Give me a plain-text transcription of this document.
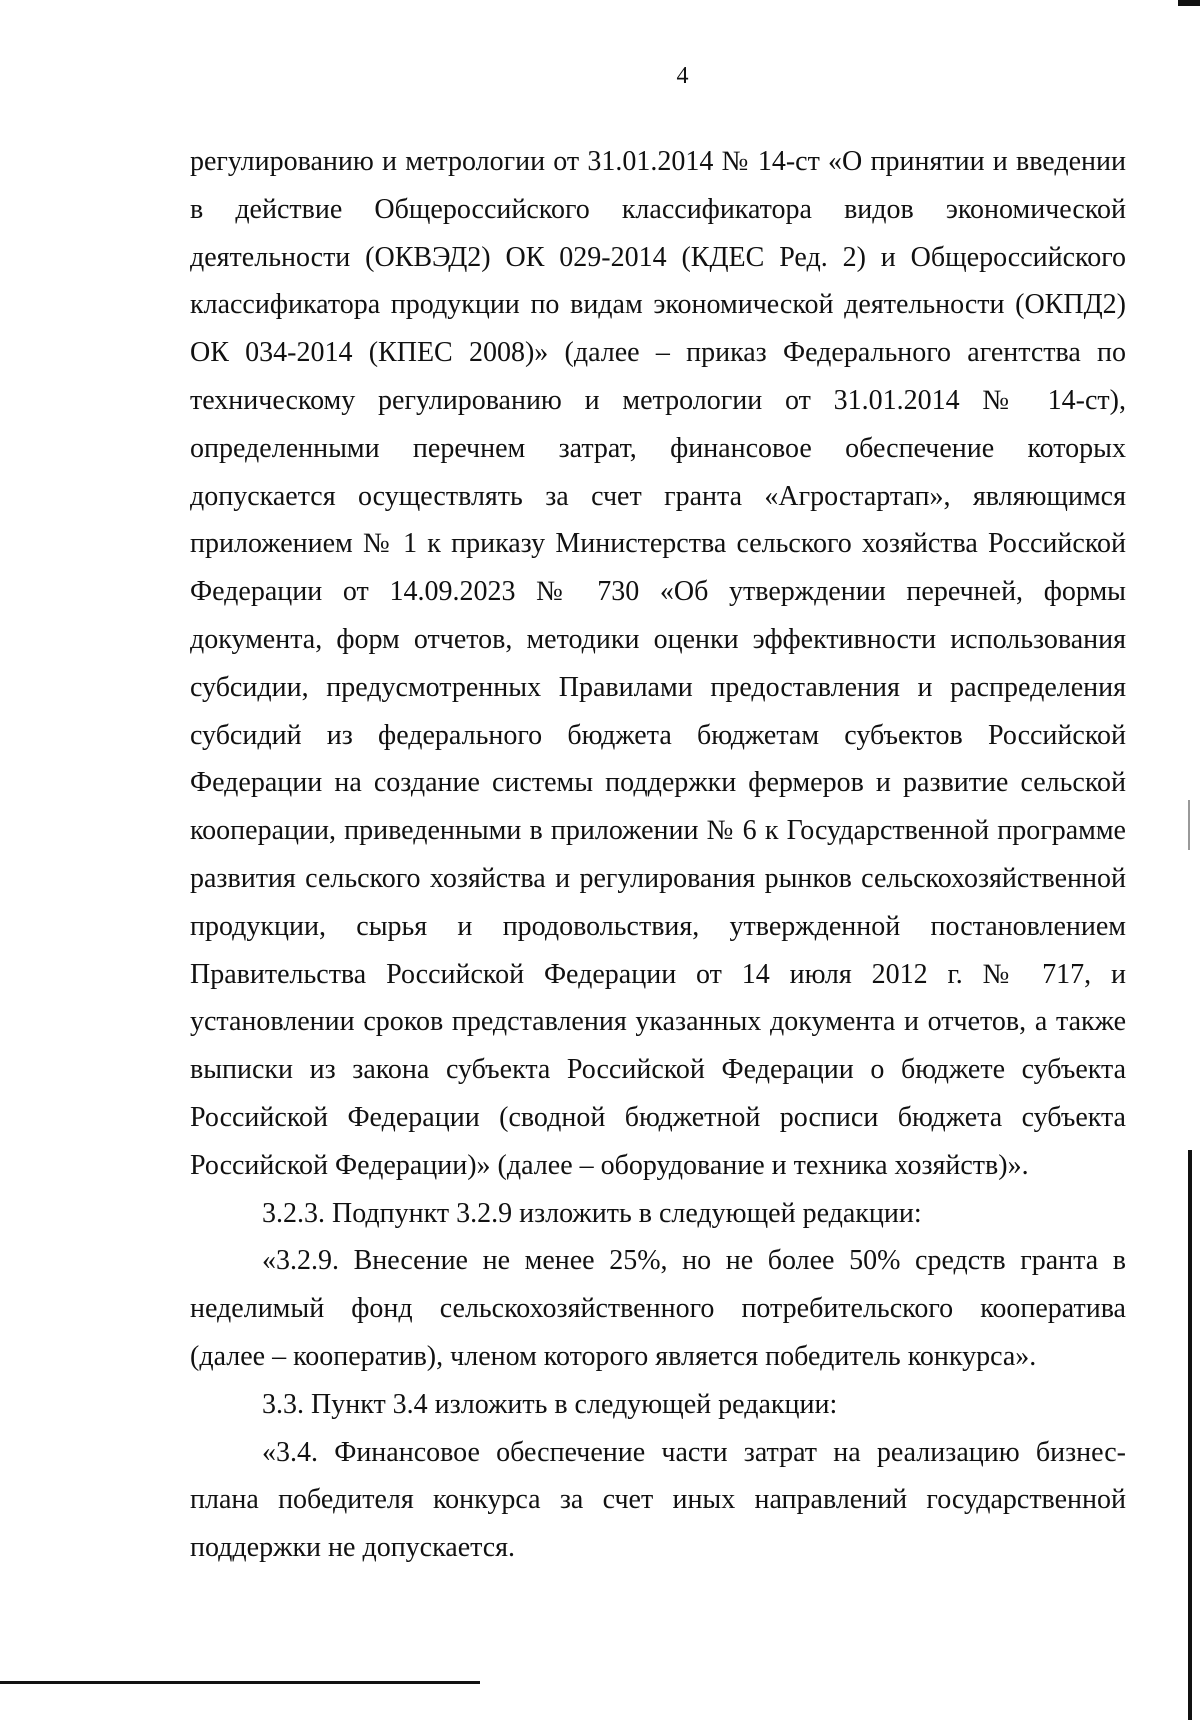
4
регулированию и метрологии от 31.01.2014 № 14-ст «О принятии и введении
в действие Общероссийского классификатора видов экономической
деятельности (ОКВЭД2) ОК 029-2014 (КДЕС Ред. 2) и Общероссийского
классификатора продукции по видам экономической деятельности (ОКПД2)
ОК 034-2014 (КПЕС 2008)» (далее – приказ Федерального агентства по
техническому регулированию и метрологии от 31.01.2014 № 14-ст),
определенными перечнем затрат, финансовое обеспечение которых
допускается осуществлять за счет гранта «Агростартап», являющимся
приложением № 1 к приказу Министерства сельского хозяйства Российской
Федерации от 14.09.2023 № 730 «Об утверждении перечней, формы
документа, форм отчетов, методики оценки эффективности использования
субсидии, предусмотренных Правилами предоставления и распределения
субсидий из федерального бюджета бюджетам субъектов Российской
Федерации на создание системы поддержки фермеров и развитие сельской
кооперации, приведенными в приложении № 6 к Государственной программе
развития сельского хозяйства и регулирования рынков сельскохозяйственной
продукции, сырья и продовольствия, утвержденной постановлением
Правительства Российской Федерации от 14 июля 2012 г. № 717, и
установлении сроков представления указанных документа и отчетов, а также
выписки из закона субъекта Российской Федерации о бюджете субъекта
Российской Федерации (сводной бюджетной росписи бюджета субъекта
Российской Федерации)» (далее – оборудование и техника хозяйств)».
3.2.3. Подпункт 3.2.9 изложить в следующей редакции:
«3.2.9. Внесение не менее 25%, но не более 50% средств гранта в
неделимый фонд сельскохозяйственного потребительского кооператива
(далее – кооператив), членом которого является победитель конкурса».
3.3. Пункт 3.4 изложить в следующей редакции:
«3.4. Финансовое обеспечение части затрат на реализацию бизнес-
плана победителя конкурса за счет иных направлений государственной
поддержки не допускается.
